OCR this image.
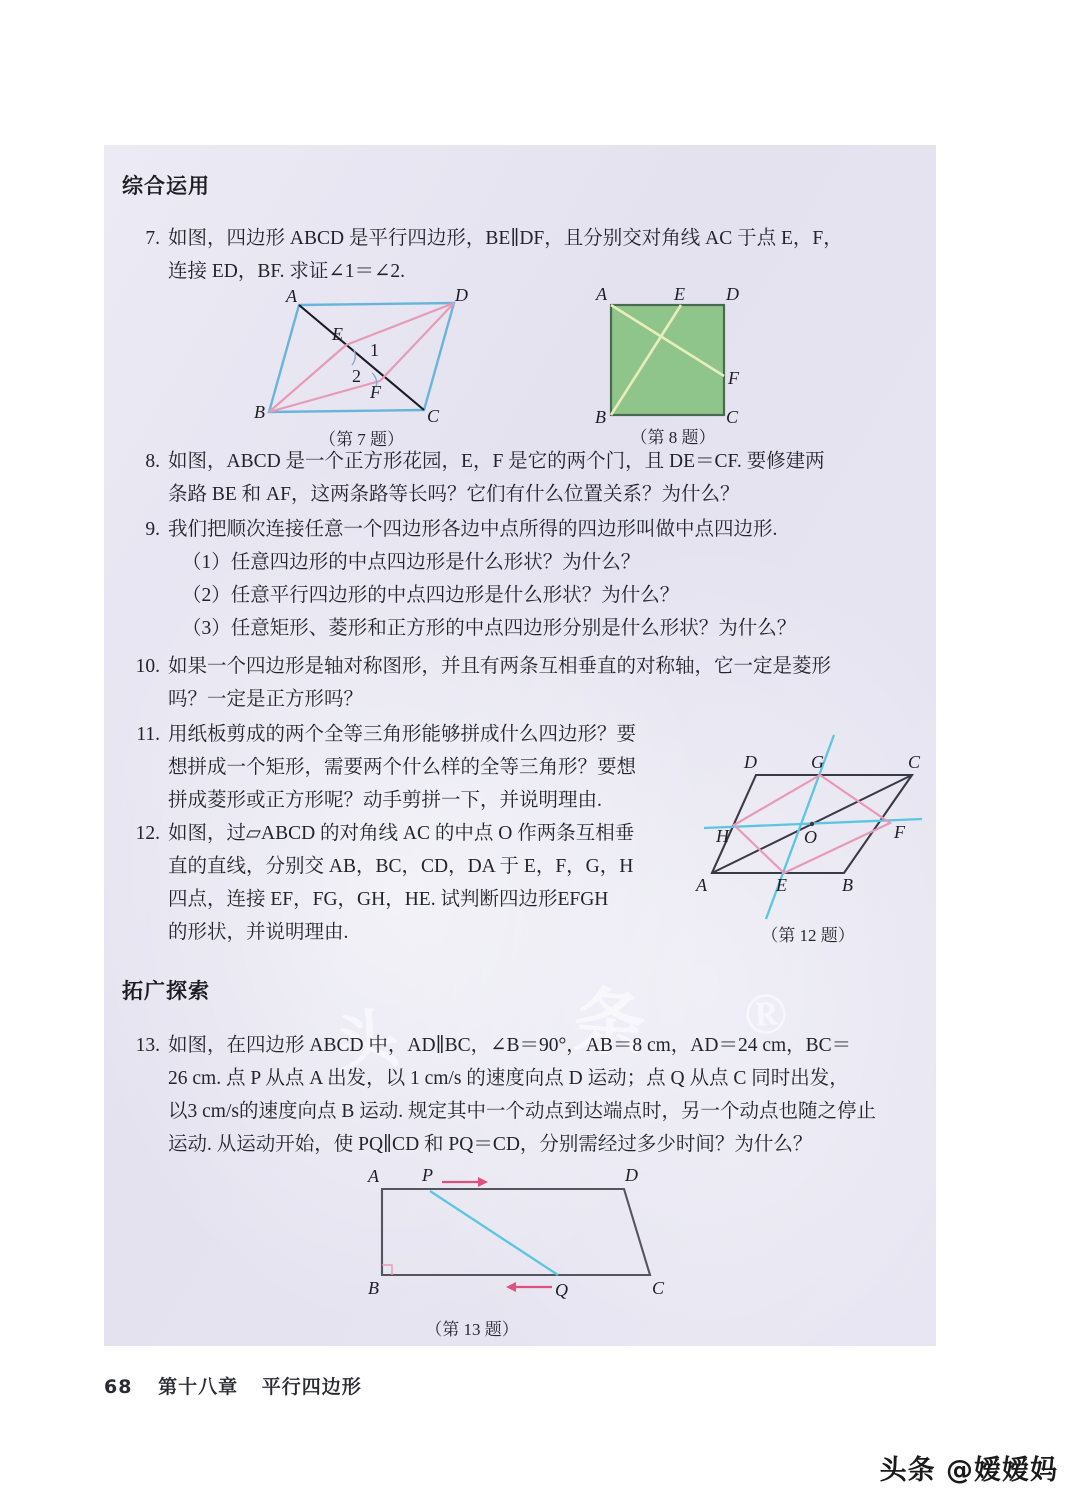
头 条 ®
综合运用
7. 如图，四边形 ABCD 是平行四边形，BE∥DF，且分别交对角线 AC 于点 E，F，
连接 ED，BF. 求证∠1＝∠2.
A	D
B	C
E
F
1
2
（第 7 题）
A	E D
B	C
F
（第 8 题）
8. 如图，ABCD 是一个正方形花园，E，F 是它的两个门，且 DE＝CF. 要修建两
条路 BE 和 AF，这两条路等长吗？它们有什么位置关系？为什么？
9. 我们把顺次连接任意一个四边形各边中点所得的四边形叫做中点四边形.
（1）任意四边形的中点四边形是什么形状？为什么？
（2）任意平行四边形的中点四边形是什么形状？为什么？
（3）任意矩形、菱形和正方形的中点四边形分别是什么形状？为什么？
10. 如果一个四边形是轴对称图形，并且有两条互相垂直的对称轴，它一定是菱形
吗？一定是正方形吗？
11. 用纸板剪成的两个全等三角形能够拼成什么四边形？要
想拼成一个矩形，需要两个什么样的全等三角形？要想
拼成菱形或正方形呢？动手剪拼一下，并说明理由.
12. 如图，过▱ABCD 的对角线 AC 的中点 O 作两条互相垂
直的直线，分别交 AB，BC，CD，DA 于 E，F，G，H
四点，连接 EF，FG，GH，HE. 试判断四边形EFGH
的形状，并说明理由.
D	G	C
H	O	F
A	E	B
（第 12 题）
拓广探索
13. 如图，在四边形 ABCD 中，AD∥BC，∠B＝90°，AB＝8 cm，AD＝24 cm，BC＝
26 cm. 点 P 从点 A 出发，以 1 cm/s 的速度向点 D 运动；点 Q 从点 C 同时出发，
以3 cm/s的速度向点 B 运动. 规定其中一个动点到达端点时，另一个动点也随之停止
运动. 从运动开始，使 PQ∥CD 和 PQ＝CD，分别需经过多少时间？为什么？
A P	D
B	Q	C
（第 13 题）
68 第十八章 平行四边形
头条 @嫒嫒妈
